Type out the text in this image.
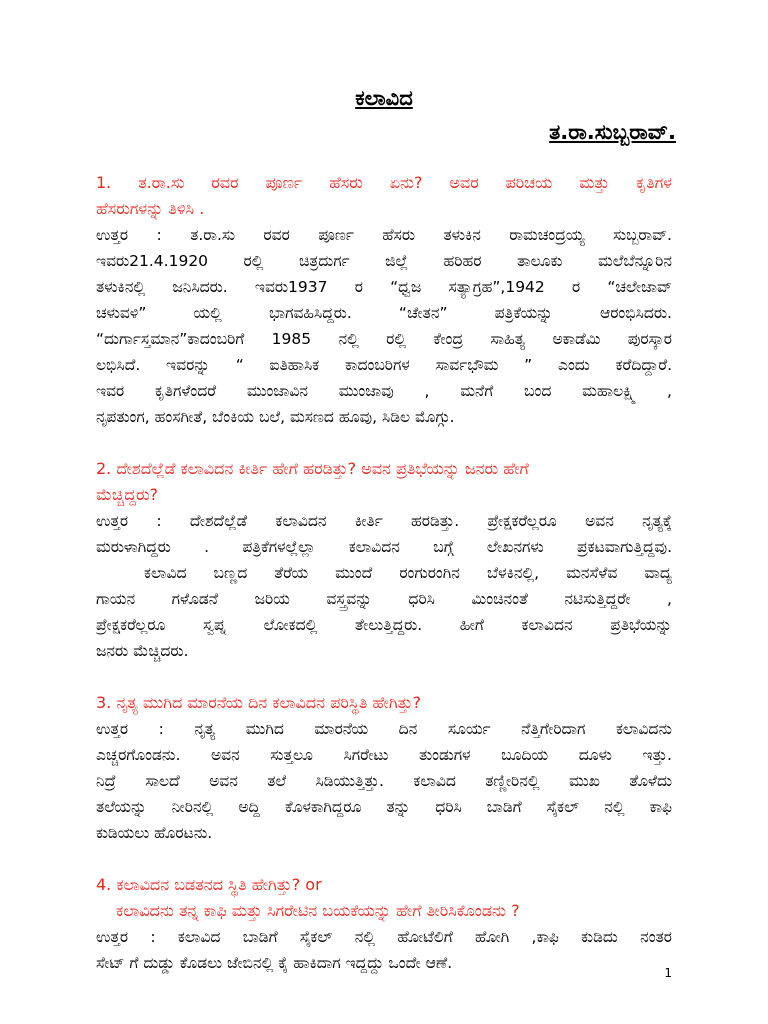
ಕಲಾವಿದ
ತ.ರಾ.ಸುಬ್ಬರಾವ್.

1. ತ.ರಾ.ಸು ರವರ ಪೂರ್ಣ ಹೆಸರು ಏನು? ಅವರ ಪರಿಚಯ ಮತ್ತು ಕೃತಿಗಳ
ಹೆಸರುಗಳನ್ನು ತಿಳಿಸಿ .

ಉತ್ತರ : ತ.ರಾ.ಸು ರವರ ಪೂರ್ಣ ಹೆಸರು ತಳುಕಿನ ರಾಮಚಂದ್ರಯ್ಯ ಸುಬ್ಬರಾವ್.
ಇವರು21.4.1920 ರಲ್ಲಿ ಚಿತ್ರದುರ್ಗ ಜಿಲ್ಲೆ ಹರಿಹರ ತಾಲೂಕು ಮಲೆಬೆನ್ನೂರಿನ
ತಳುಕಿನಲ್ಲಿ ಜನಿಸಿದರು. ಇವರು1937 ರ “ಧ್ವಜ ಸತ್ಯಾಗ್ರಹ”,1942 ರ “ಚಲೇಜಾವ್
ಚಳುವಳಿ” ಯಲ್ಲಿ ಭಾಗವಹಿಸಿದ್ದರು. “ಚೇತನ” ಪತ್ರಿಕೆಯನ್ನು ಆರಂಭಿಸಿದರು.
“ದುರ್ಗಾಸ್ತಮಾನ”ಕಾದಂಬರಿಗೆ 1985 ನಲ್ಲಿ ರಲ್ಲಿ ಕೇಂದ್ರ ಸಾಹಿತ್ಯ ಅಕಾಡೆಮಿ ಪುರಸ್ಕಾರ
ಲಭಿಸಿದೆ. ಇವರನ್ನು “ ಐತಿಹಾಸಿಕ ಕಾದಂಬರಿಗಳ ಸಾರ್ವಭೌಮ ” ಎಂದು ಕರೆದಿದ್ದಾರೆ.
ಇವರ ಕೃತಿಗಳೆಂದರೆ ಮುಂಜಾವಿನ ಮುಂಜಾವು , ಮನೆಗೆ ಬಂದ ಮಹಾಲಕ್ಷ್ಮಿ ,
ನೃಪತುಂಗ, ಹಂಸಗೀತೆ, ಬೆಂಕಿಯ ಬಲೆ, ಮಸಣದ ಹೂವು, ಸಿಡಿಲ ಮೊಗ್ಗು.

2. ದೇಶದೆಲ್ಲೆಡೆ ಕಲಾವಿದನ ಕೀರ್ತಿ ಹೇಗೆ ಹರಡಿತ್ತು? ಅವನ ಪ್ರತಿಭೆಯನ್ನು ಜನರು ಹೇಗೆ
ಮೆಚ್ಚಿದ್ದರು?

ಉತ್ತರ : ದೇಶದೆಲ್ಲೆಡೆ ಕಲಾವಿದನ ಕೀರ್ತಿ ಹರಡಿತ್ತು. ಪ್ರೇಕ್ಷಕರೆಲ್ಲರೂ ಅವನ ನೃತ್ಯಕ್ಕೆ
ಮರುಳಾಗಿದ್ದರು . ಪತ್ರಿಕೆಗಳಲ್ಲೆಲ್ಲಾ ಕಲಾವಿದನ ಬಗ್ಗೆ ಲೇಖನಗಳು ಪ್ರಕಟವಾಗುತ್ತಿದ್ದವು.
ಕಲಾವಿದ ಬಣ್ಣದ ತೆರೆಯ ಮುಂದೆ ರಂಗುರಂಗಿನ ಬೆಳಕಿನಲ್ಲಿ, ಮನಸೆಳೆವ ವಾದ್ಯ
ಗಾಯನ ಗಳೊಡನೆ ಜರಿಯ ವಸ್ತ್ರವನ್ನು ಧರಿಸಿ ಮಿಂಚಿನಂತೆ ನಟಿಸುತ್ತಿದ್ದರೇ ,
ಪ್ರೇಕ್ಷಕರೆಲ್ಲರೂ ಸ್ವಪ್ನ ಲೋಕದಲ್ಲಿ ತೇಲುತ್ತಿದ್ದರು. ಹೀಗೆ ಕಲಾವಿದನ ಪ್ರತಿಭೆಯನ್ನು
ಜನರು ಮೆಚ್ಚಿದರು.

3. ನೃತ್ಯ ಮುಗಿದ ಮಾರನೆಯ ದಿನ ಕಲಾವಿದನ ಪರಿಸ್ಥಿತಿ ಹೇಗಿತ್ತು?

ಉತ್ತರ : ನೃತ್ಯ ಮುಗಿದ ಮಾರನೆಯ ದಿನ ಸೂರ್ಯ ನೆತ್ತಿಗೇರಿದಾಗ ಕಲಾವಿದನು
ಎಚ್ಚರಗೊಂಡನು. ಅವನ ಸುತ್ತಲೂ ಸಿಗರೇಟು ತುಂಡುಗಳ ಬೂದಿಯ ದೂಳು ಇತ್ತು.
ನಿದ್ರೆ ಸಾಲದೆ ಅವನ ತಲೆ ಸಿಡಿಯುತ್ತಿತ್ತು. ಕಲಾವಿದ ತಣ್ಣೀರಿನಲ್ಲಿ ಮುಖ ತೊಳೆದು
ತಲೆಯನ್ನು ನೀರಿನಲ್ಲಿ ಅದ್ದಿ ಕೊಳಕಾಗಿದ್ದರೂ ತನ್ನು ಧರಿಸಿ ಬಾಡಿಗೆ ಸೈಕಲ್ ನಲ್ಲಿ ಕಾಫಿ
ಕುಡಿಯಲು ಹೊರಟನು.

4. ಕಲಾವಿದನ ಬಡತನದ ಸ್ಥಿತಿ ಹೇಗಿತ್ತು? or

ಕಲಾವಿದನು ತನ್ನ ಕಾಫಿ ಮತ್ತು ಸಿಗರೇಟಿನ ಬಯಕೆಯನ್ನು ಹೇಗೆ ತೀರಿಸಿಕೊಂಡನು ?

ಉತ್ತರ : ಕಲಾವಿದ ಬಾಡಿಗೆ ಸೈಕಲ್ ನಲ್ಲಿ ಹೋಟೆಲಿಗೆ ಹೋಗಿ ,ಕಾಫಿ ಕುಡಿದು ನಂತರ
ಸೇಟ್ ಗೆ ದುಡ್ಡು ಕೊಡಲು ಜೇಬಿನಲ್ಲಿ ಕೈ ಹಾಕಿದಾಗ ಇದ್ದದ್ದು ಒಂದೇ ಆಣೆ.

1
